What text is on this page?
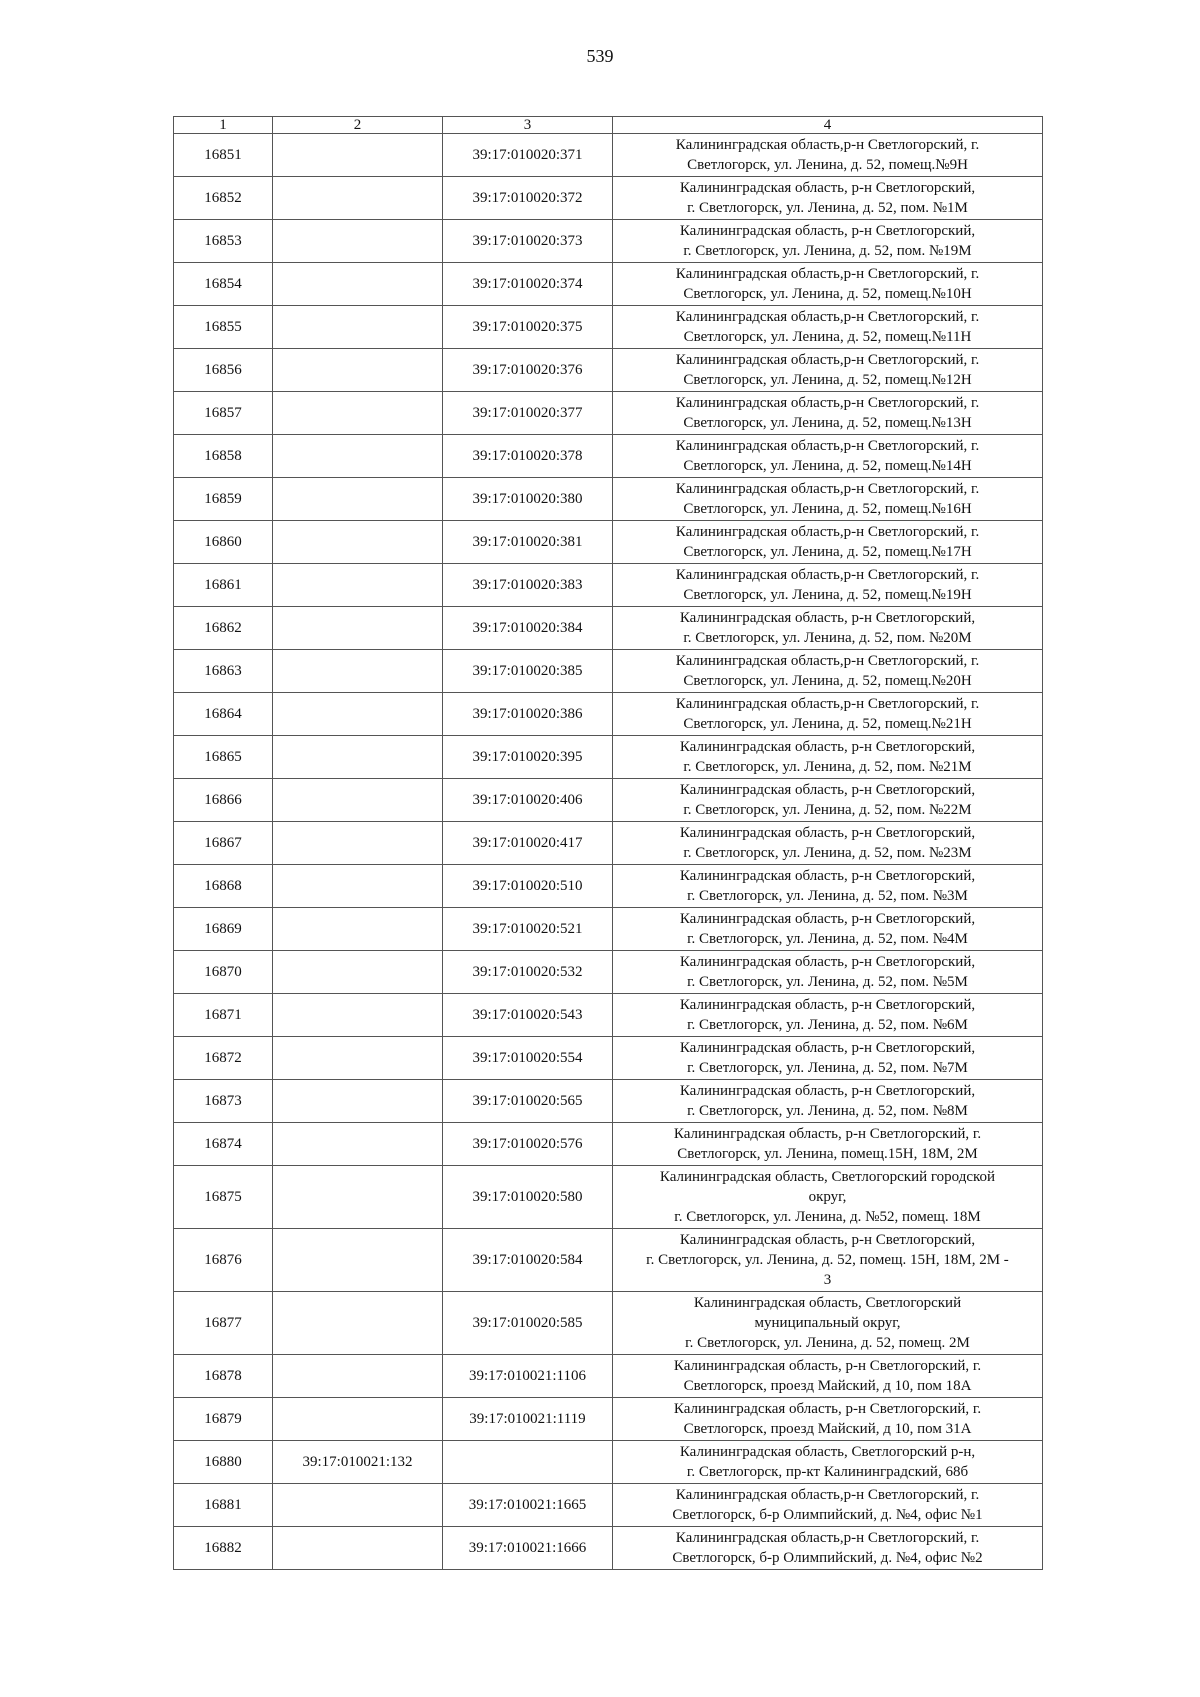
539
1	2	3	4
16851		39:17:010020:371	Калининградская область,р-н Светлогорский, г.
Светлогорск, ул. Ленина, д. 52, помещ.№9Н
16852		39:17:010020:372	Калининградская область, р-н Светлогорский,
г. Светлогорск, ул. Ленина, д. 52, пом. №1М
16853		39:17:010020:373	Калининградская область, р-н Светлогорский,
г. Светлогорск, ул. Ленина, д. 52, пом. №19М
16854		39:17:010020:374	Калининградская область,р-н Светлогорский, г.
Светлогорск, ул. Ленина, д. 52, помещ.№10Н
16855		39:17:010020:375	Калининградская область,р-н Светлогорский, г.
Светлогорск, ул. Ленина, д. 52, помещ.№11Н
16856		39:17:010020:376	Калининградская область,р-н Светлогорский, г.
Светлогорск, ул. Ленина, д. 52, помещ.№12Н
16857		39:17:010020:377	Калининградская область,р-н Светлогорский, г.
Светлогорск, ул. Ленина, д. 52, помещ.№13Н
16858		39:17:010020:378	Калининградская область,р-н Светлогорский, г.
Светлогорск, ул. Ленина, д. 52, помещ.№14Н
16859		39:17:010020:380	Калининградская область,р-н Светлогорский, г.
Светлогорск, ул. Ленина, д. 52, помещ.№16Н
16860		39:17:010020:381	Калининградская область,р-н Светлогорский, г.
Светлогорск, ул. Ленина, д. 52, помещ.№17Н
16861		39:17:010020:383	Калининградская область,р-н Светлогорский, г.
Светлогорск, ул. Ленина, д. 52, помещ.№19Н
16862		39:17:010020:384	Калининградская область, р-н Светлогорский,
г. Светлогорск, ул. Ленина, д. 52, пом. №20М
16863		39:17:010020:385	Калининградская область,р-н Светлогорский, г.
Светлогорск, ул. Ленина, д. 52, помещ.№20Н
16864		39:17:010020:386	Калининградская область,р-н Светлогорский, г.
Светлогорск, ул. Ленина, д. 52, помещ.№21Н
16865		39:17:010020:395	Калининградская область, р-н Светлогорский,
г. Светлогорск, ул. Ленина, д. 52, пом. №21М
16866		39:17:010020:406	Калининградская область, р-н Светлогорский,
г. Светлогорск, ул. Ленина, д. 52, пом. №22М
16867		39:17:010020:417	Калининградская область, р-н Светлогорский,
г. Светлогорск, ул. Ленина, д. 52, пом. №23М
16868		39:17:010020:510	Калининградская область, р-н Светлогорский,
г. Светлогорск, ул. Ленина, д. 52, пом. №3М
16869		39:17:010020:521	Калининградская область, р-н Светлогорский,
г. Светлогорск, ул. Ленина, д. 52, пом. №4М
16870		39:17:010020:532	Калининградская область, р-н Светлогорский,
г. Светлогорск, ул. Ленина, д. 52, пом. №5М
16871		39:17:010020:543	Калининградская область, р-н Светлогорский,
г. Светлогорск, ул. Ленина, д. 52, пом. №6М
16872		39:17:010020:554	Калининградская область, р-н Светлогорский,
г. Светлогорск, ул. Ленина, д. 52, пом. №7М
16873		39:17:010020:565	Калининградская область, р-н Светлогорский,
г. Светлогорск, ул. Ленина, д. 52, пом. №8М
16874		39:17:010020:576	Калининградская область, р-н Светлогорский, г.
Светлогорск, ул. Ленина, помещ.15Н, 18М, 2М
16875		39:17:010020:580	Калининградская область, Светлогорский городской
округ,
г. Светлогорск, ул. Ленина, д. №52, помещ. 18М
16876		39:17:010020:584	Калининградская область, р-н Светлогорский,
г. Светлогорск, ул. Ленина, д. 52, помещ. 15Н, 18М, 2М -
3
16877		39:17:010020:585	Калининградская область, Светлогорский
муниципальный округ,
г. Светлогорск, ул. Ленина, д. 52, помещ. 2М
16878		39:17:010021:1106	Калининградская область, р-н Светлогорский, г.
Светлогорск, проезд Майский, д 10, пом 18А
16879		39:17:010021:1119	Калининградская область, р-н Светлогорский, г.
Светлогорск, проезд Майский, д 10, пом 31А
16880	39:17:010021:132		Калининградская область, Светлогорский р-н,
г. Светлогорск, пр-кт Калининградский, 68б
16881		39:17:010021:1665	Калининградская область,р-н Светлогорский, г.
Светлогорск, б-р Олимпийский, д. №4, офис №1
16882		39:17:010021:1666	Калининградская область,р-н Светлогорский, г.
Светлогорск, б-р Олимпийский, д. №4, офис №2
